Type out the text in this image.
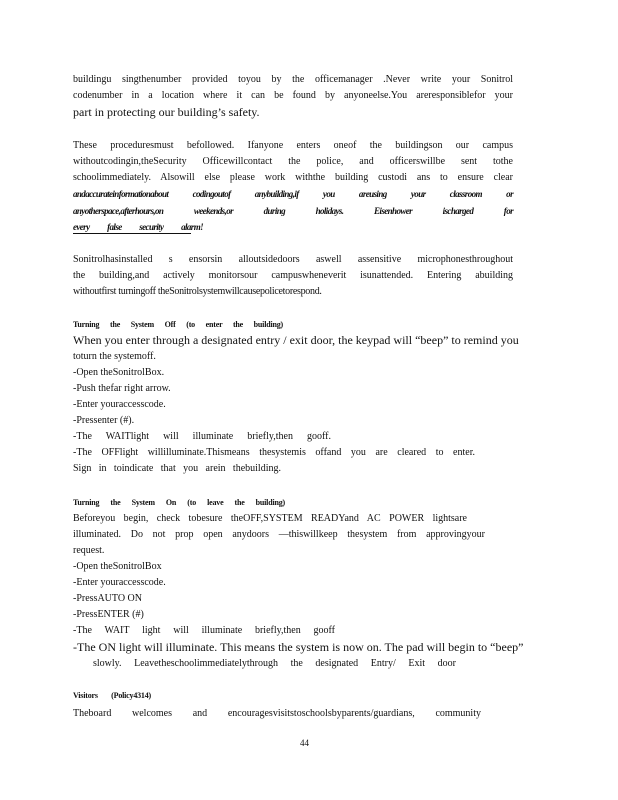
buildingu singthenumber provided toyou by the officemanager .Never write your Sonitrol
codenumber in a location where it can be found by anyoneelse.You areresponsiblefor your
part in protecting our building’s safety.
These proceduresmust befollowed. Ifanyone enters oneof the buildingson our campus
withoutcodingin,theSecurity Officewillcontact the police, and officerswillbe sent tothe
schoolimmediately. Alsowill else please work withthe building custodi ans to ensure clear
andaccurateinformationabout codingoutof anybuilding,if you areusing your classroom or
anyotherspace,afterhours,on weekends,or during holidays. Eisenhower ischarged for
every false security alarm!
Sonitrolhasinstalled s ensorsin alloutsidedoors aswell assensitive microphonesthroughout
the building,and actively monitorsour campuswheneverit isunattended. Entering abuilding
withoutfirst turningoff theSonitrolsystemwillcausepolicetorespond.
Turning the System Off (to enter the building)
When you enter through a designated entry / exit door, the keypad will “beep” to remind you
toturn the systemoff.
-Open theSonitrolBox.
-Push thefar right arrow.
-Enter youraccesscode.
-Pressenter (#).
-The WAITlight will illuminate briefly,then gooff.
-The OFFlight willilluminate.Thismeans thesystemis offand you are cleared to enter.
Sign in toindicate that you arein thebuilding.
Turning the System On (to leave the building)
Beforeyou begin, check tobesure theOFF,SYSTEM READYand AC POWER lightsare
illuminated. Do not prop open anydoors —thiswillkeep thesystem from approvingyour
request.
-Open theSonitrolBox
-Enter youraccesscode.
-PressAUTO ON
-PressENTER (#)
-The WAIT light will illuminate briefly,then gooff
-The ON light will illuminate. This means the system is now on. The pad will begin to “beep”
slowly. Leavetheschoolimmediatelythrough the designated Entry/ Exit door
Visitors (Policy4314)
Theboard welcomes and encouragesvisitstoschoolsbyparents/guardians, community
44
